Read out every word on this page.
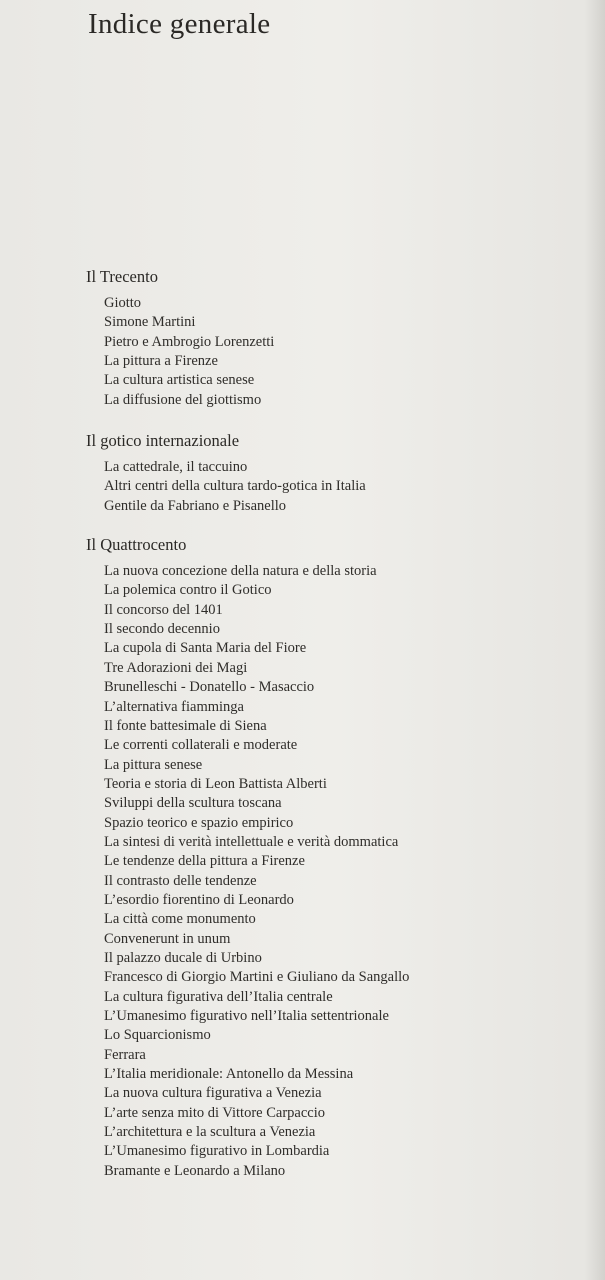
Indice generale
Il Trecento
Giotto
Simone Martini
Pietro e Ambrogio Lorenzetti
La pittura a Firenze
La cultura artistica senese
La diffusione del giottismo
Il gotico internazionale
La cattedrale, il taccuino
Altri centri della cultura tardo-gotica in Italia
Gentile da Fabriano e Pisanello
Il Quattrocento
La nuova concezione della natura e della storia
La polemica contro il Gotico
Il concorso del 1401
Il secondo decennio
La cupola di Santa Maria del Fiore
Tre Adorazioni dei Magi
Brunelleschi - Donatello - Masaccio
L’alternativa fiamminga
Il fonte battesimale di Siena
Le correnti collaterali e moderate
La pittura senese
Teoria e storia di Leon Battista Alberti
Sviluppi della scultura toscana
Spazio teorico e spazio empirico
La sintesi di verità intellettuale e verità dommatica
Le tendenze della pittura a Firenze
Il contrasto delle tendenze
L’esordio fiorentino di Leonardo
La città come monumento
Convenerunt in unum
Il palazzo ducale di Urbino
Francesco di Giorgio Martini e Giuliano da Sangallo
La cultura figurativa dell’Italia centrale
L’Umanesimo figurativo nell’Italia settentrionale
Lo Squarcionismo
Ferrara
L’Italia meridionale: Antonello da Messina
La nuova cultura figurativa a Venezia
L’arte senza mito di Vittore Carpaccio
L’architettura e la scultura a Venezia
L’Umanesimo figurativo in Lombardia
Bramante e Leonardo a Milano
